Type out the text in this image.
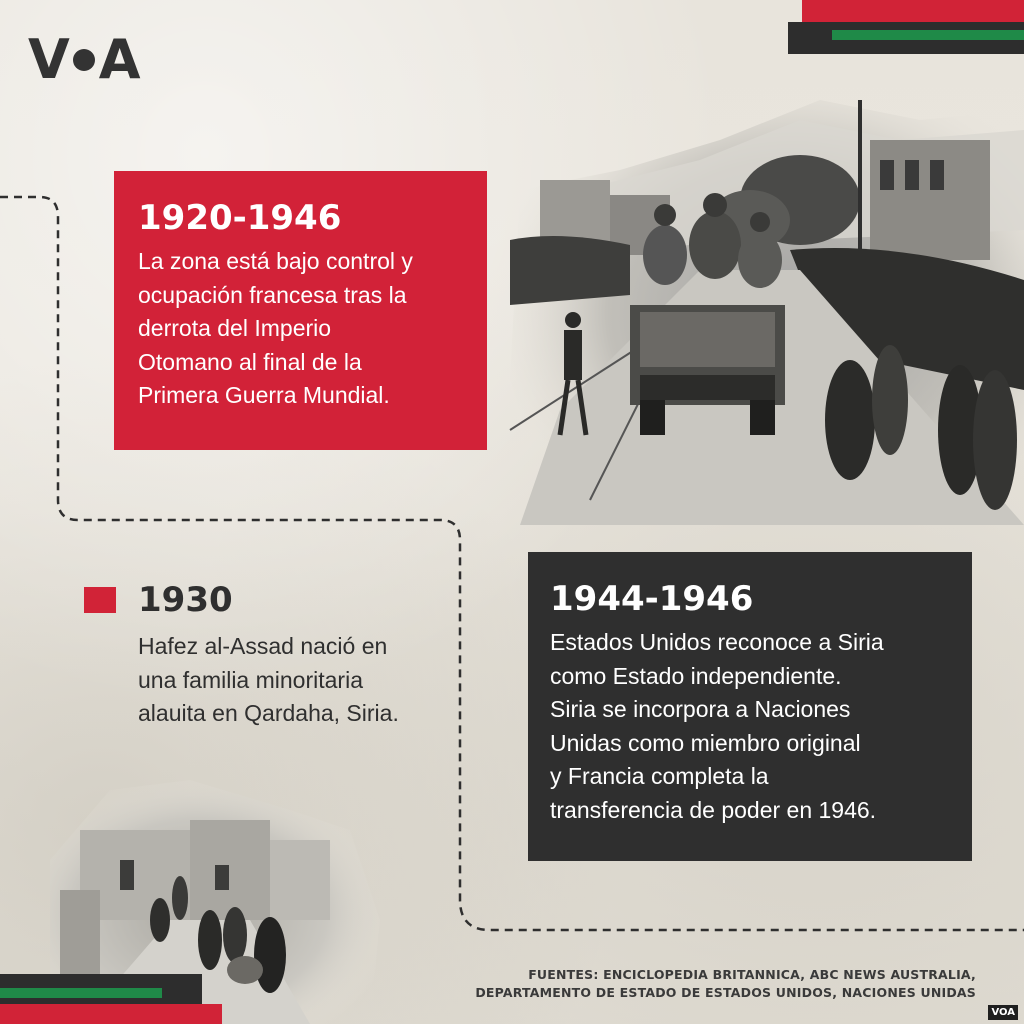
V A

1920-1946

La zona está bajo control y
ocupación francesa tras la
derrota del Imperio
Otomano al final de la
Primera Guerra Mundial.

1930

Hafez al-Assad nació en
una familia minoritaria
alauita en Qardaha, Siria.

1944-1946

Estados Unidos reconoce a Siria
como Estado independiente.
Siria se incorpora a Naciones
Unidas como miembro original
y Francia completa la
transferencia de poder en 1946.

FUENTES: ENCICLOPEDIA BRITANNICA, ABC NEWS AUSTRALIA,
DEPARTAMENTO DE ESTADO DE ESTADOS UNIDOS, NACIONES UNIDAS
VOA
